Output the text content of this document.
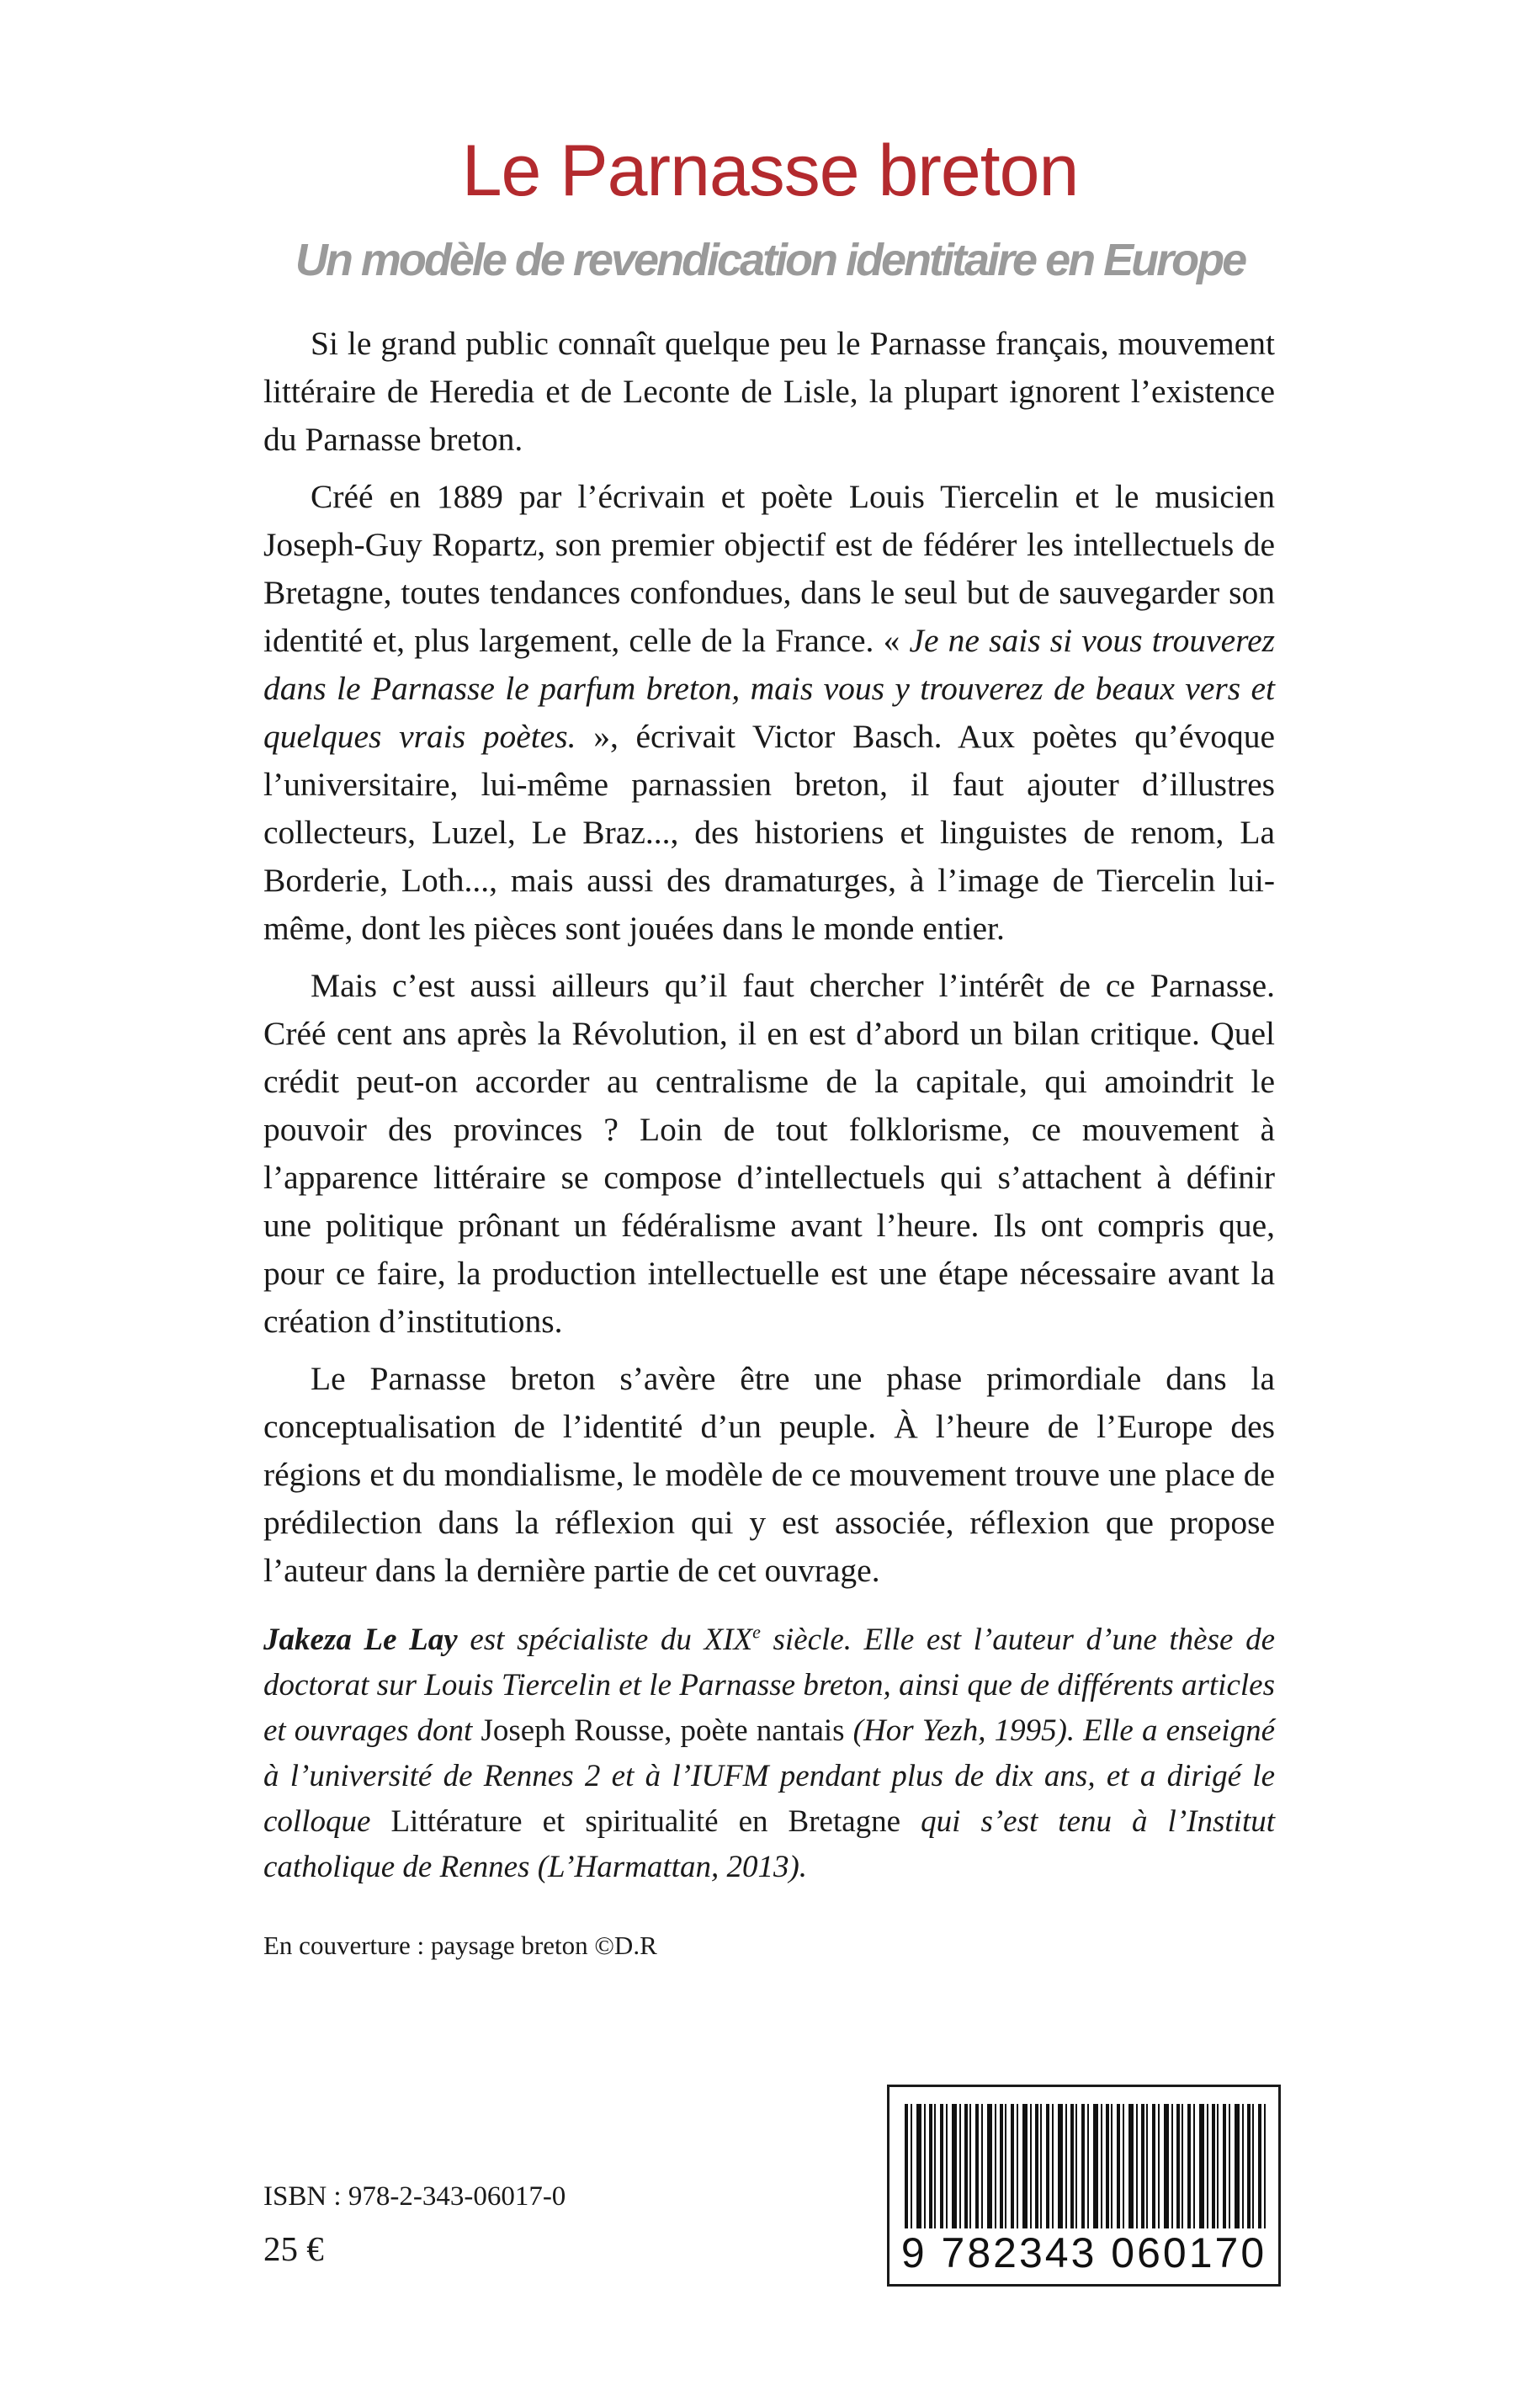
Le Parnasse breton
Un modèle de revendication identitaire en Europe

Si le grand public connaît quelque peu le Parnasse français, mouvement littéraire de Heredia et de Leconte de Lisle, la plupart ignorent l’existence du Parnasse breton.

Créé en 1889 par l’écrivain et poète Louis Tiercelin et le musicien Joseph-Guy Ropartz, son premier objectif est de fédérer les intellectuels de Bretagne, toutes tendances confondues, dans le seul but de sauvegarder son identité et, plus largement, celle de la France. « Je ne sais si vous trouverez dans le Parnasse le parfum breton, mais vous y trouverez de beaux vers et quelques vrais poètes. », écrivait Victor Basch. Aux poètes qu’évoque l’universitaire, lui-même parnassien breton, il faut ajouter d’illustres collecteurs, Luzel, Le Braz..., des historiens et linguistes de renom, La Borderie, Loth..., mais aussi des dramaturges, à l’image de Tiercelin lui-même, dont les pièces sont jouées dans le monde entier.

Mais c’est aussi ailleurs qu’il faut chercher l’intérêt de ce Parnasse. Créé cent ans après la Révolution, il en est d’abord un bilan critique. Quel crédit peut-on accorder au centralisme de la capitale, qui amoindrit le pouvoir des provinces ? Loin de tout folklorisme, ce mouvement à l’apparence littéraire se compose d’intellectuels qui s’attachent à définir une politique prônant un fédéralisme avant l’heure. Ils ont compris que, pour ce faire, la production intellectuelle est une étape nécessaire avant la création d’institutions.

Le Parnasse breton s’avère être une phase primordiale dans la conceptualisation de l’identité d’un peuple. À l’heure de l’Europe des régions et du mondialisme, le modèle de ce mouvement trouve une place de prédilection dans la réflexion qui y est associée, réflexion que propose l’auteur dans la dernière partie de cet ouvrage.

Jakeza Le Lay est spécialiste du XIXe siècle. Elle est l’auteur d’une thèse de doctorat sur Louis Tiercelin et le Parnasse breton, ainsi que de différents articles et ouvrages dont Joseph Rousse, poète nantais (Hor Yezh, 1995). Elle a enseigné à l’université de Rennes 2 et à l’IUFM pendant plus de dix ans, et a dirigé le colloque Littérature et spiritualité en Bretagne qui s’est tenu à l’Institut catholique de Rennes (L’Harmattan, 2013).

En couverture : paysage breton ©D.R

ISBN : 978-2-343-06017-0

25 €	9 782343 060170
